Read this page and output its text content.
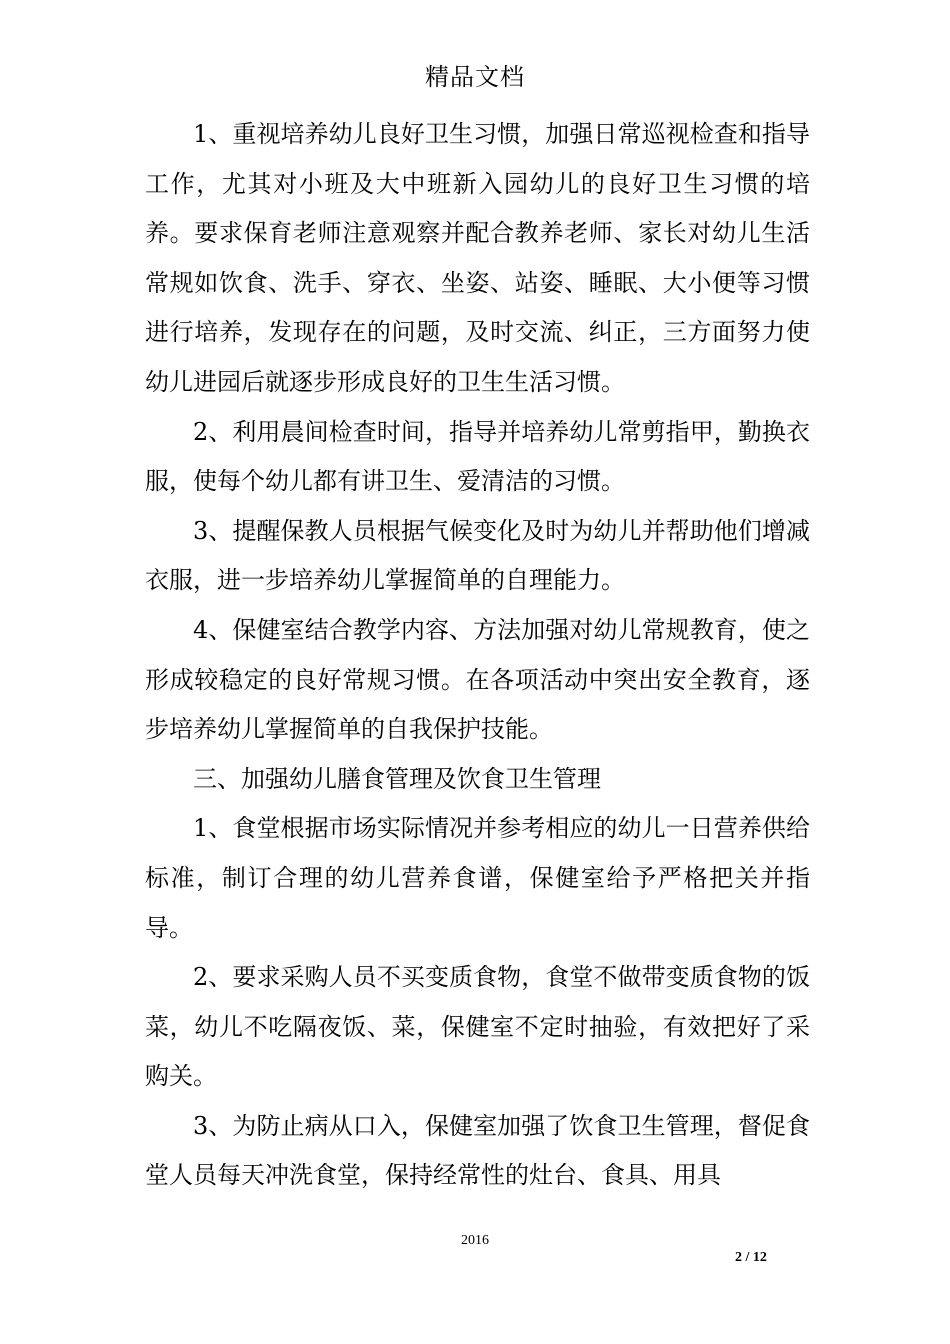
精品文档

1、重视培养幼儿良好卫生习惯，加强日常巡视检查和指导工作，尤其对小班及大中班新入园幼儿的良好卫生习惯的培养。要求保育老师注意观察并配合教养老师、家长对幼儿生活常规如饮食、洗手、穿衣、坐姿、站姿、睡眠、大小便等习惯进行培养，发现存在的问题，及时交流、纠正，三方面努力使幼儿进园后就逐步形成良好的卫生生活习惯。

2、利用晨间检查时间，指导并培养幼儿常剪指甲，勤换衣服，使每个幼儿都有讲卫生、爱清洁的习惯。

3、提醒保教人员根据气候变化及时为幼儿并帮助他们增减衣服，进一步培养幼儿掌握简单的自理能力。

4、保健室结合教学内容、方法加强对幼儿常规教育，使之形成较稳定的良好常规习惯。在各项活动中突出安全教育，逐步培养幼儿掌握简单的自我保护技能。

三、加强幼儿膳食管理及饮食卫生管理

1、食堂根据市场实际情况并参考相应的幼儿一日营养供给标准，制订合理的幼儿营养食谱，保健室给予严格把关并指导。

2、要求采购人员不买变质食物，食堂不做带变质食物的饭菜，幼儿不吃隔夜饭、菜，保健室不定时抽验，有效把好了采购关。

3、为防止病从口入，保健室加强了饮食卫生管理，督促食堂人员每天冲洗食堂，保持经常性的灶台、食具、用具

2016
2 / 12
